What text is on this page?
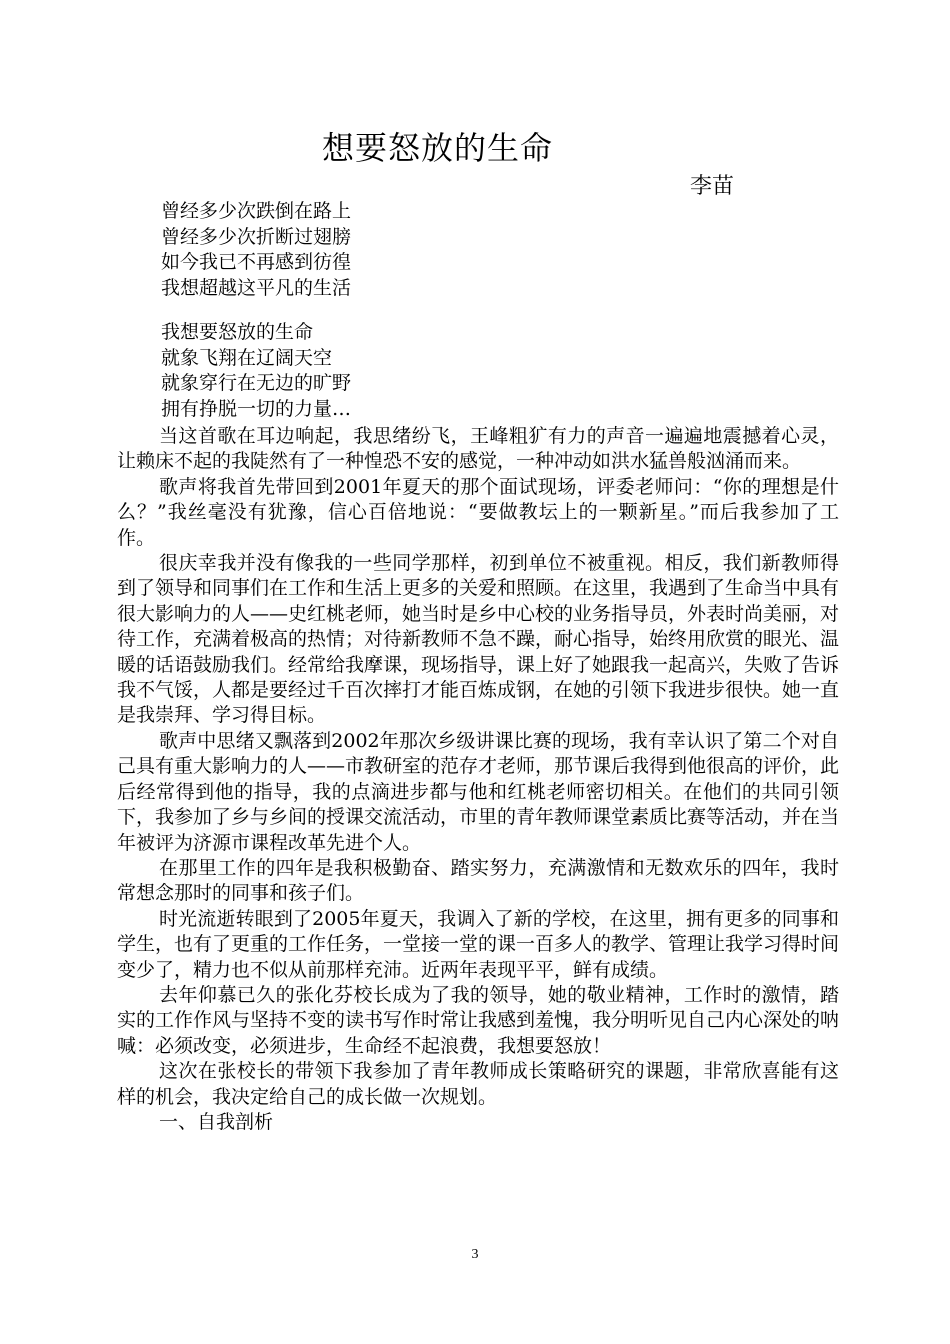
想要怒放的生命
李苗
曾经多少次跌倒在路上
曾经多少次折断过翅膀
如今我已不再感到彷徨
我想超越这平凡的生活
我想要怒放的生命
就象飞翔在辽阔天空
就象穿行在无边的旷野
拥有挣脱一切的力量…

当这首歌在耳边响起，我思绪纷飞，王峰粗犷有力的声音一遍遍地震撼着心灵，让赖床不起的我陡然有了一种惶恐不安的感觉，一种冲动如洪水猛兽般汹涌而来。

歌声将我首先带回到2001年夏天的那个面试现场，评委老师问：“你的理想是什么？”我丝毫没有犹豫，信心百倍地说：“要做教坛上的一颗新星。”而后我参加了工作。

很庆幸我并没有像我的一些同学那样，初到单位不被重视。相反，我们新教师得到了领导和同事们在工作和生活上更多的关爱和照顾。在这里，我遇到了生命当中具有很大影响力的人——史红桃老师，她当时是乡中心校的业务指导员，外表时尚美丽，对待工作，充满着极高的热情；对待新教师不急不躁，耐心指导，始终用欣赏的眼光、温暖的话语鼓励我们。经常给我摩课，现场指导，课上好了她跟我一起高兴，失败了告诉我不气馁，人都是要经过千百次摔打才能百炼成钢，在她的引领下我进步很快。她一直是我崇拜、学习得目标。

歌声中思绪又飘落到2002年那次乡级讲课比赛的现场，我有幸认识了第二个对自己具有重大影响力的人——市教研室的范存才老师，那节课后我得到他很高的评价，此后经常得到他的指导，我的点滴进步都与他和红桃老师密切相关。在他们的共同引领下，我参加了乡与乡间的授课交流活动，市里的青年教师课堂素质比赛等活动，并在当年被评为济源市课程改革先进个人。

在那里工作的四年是我积极勤奋、踏实努力，充满激情和无数欢乐的四年，我时常想念那时的同事和孩子们。

时光流逝转眼到了2005年夏天，我调入了新的学校，在这里，拥有更多的同事和学生，也有了更重的工作任务，一堂接一堂的课一百多人的教学、管理让我学习得时间变少了，精力也不似从前那样充沛。近两年表现平平，鲜有成绩。

去年仰慕已久的张化芬校长成为了我的领导，她的敬业精神，工作时的激情，踏实的工作作风与坚持不变的读书写作时常让我感到羞愧，我分明听见自己内心深处的呐喊：必须改变，必须进步，生命经不起浪费，我想要怒放！

这次在张校长的带领下我参加了青年教师成长策略研究的课题，非常欣喜能有这样的机会，我决定给自己的成长做一次规划。

一、自我剖析

3
